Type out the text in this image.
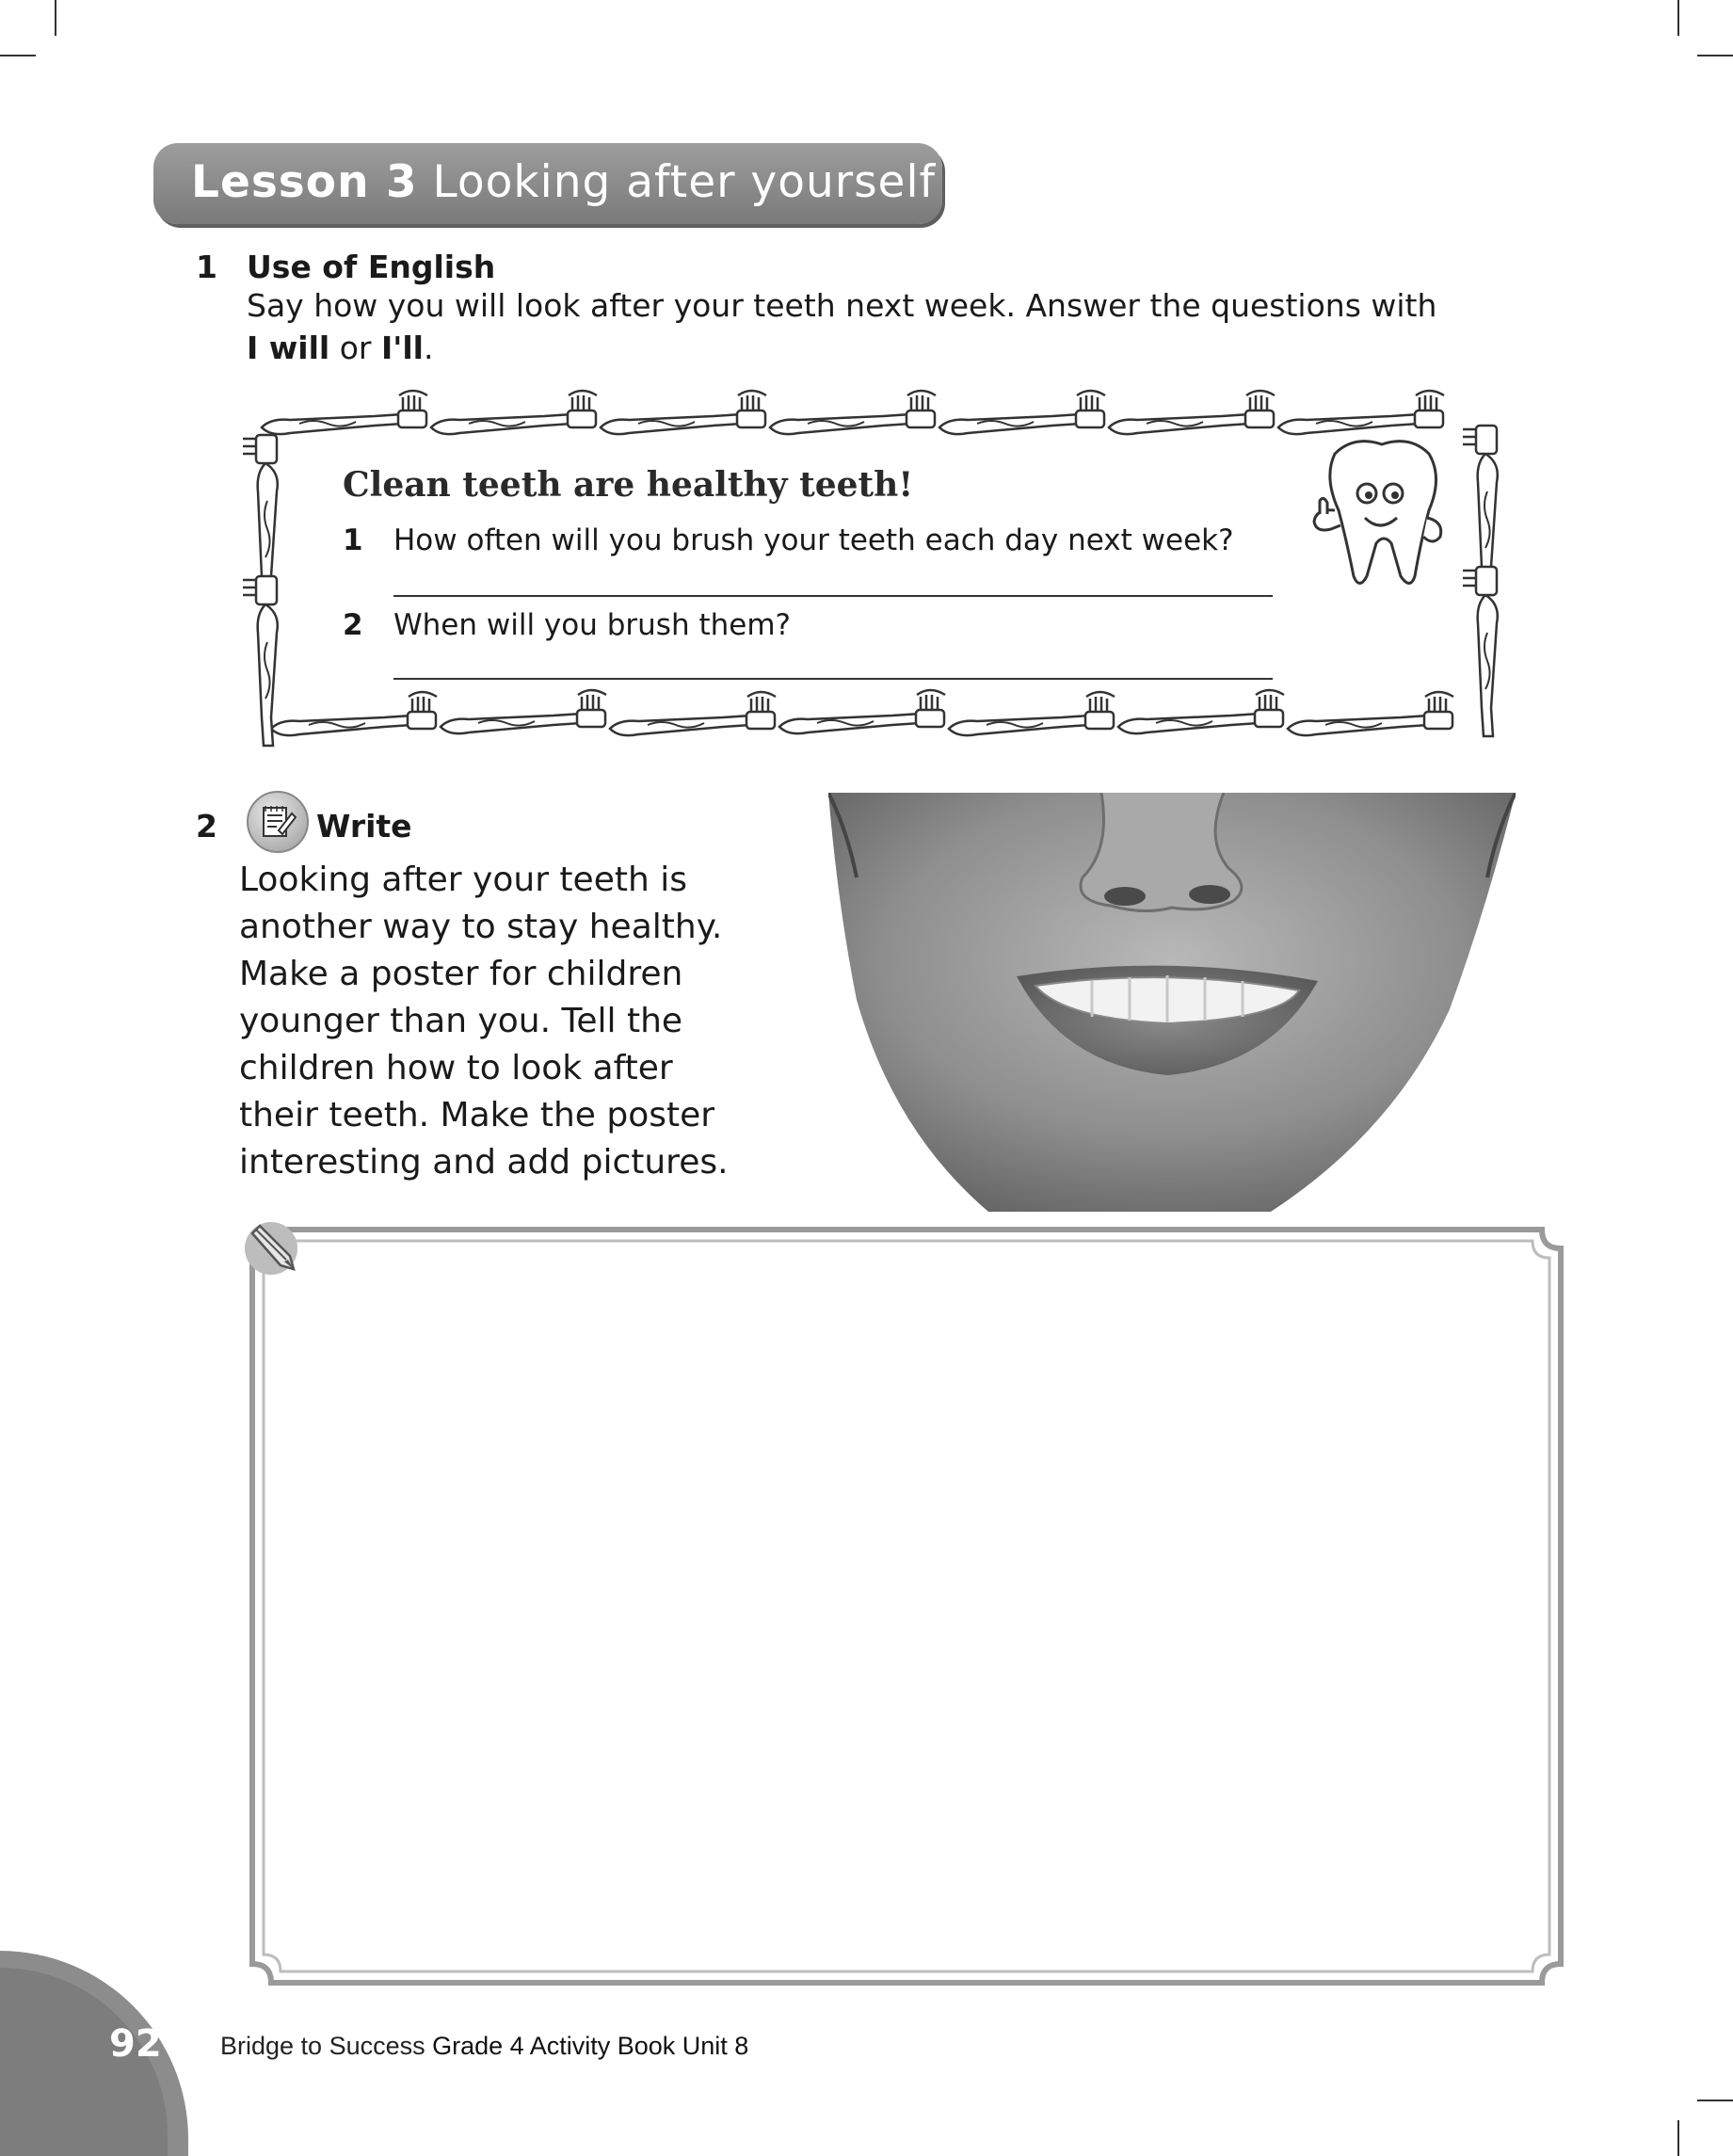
Lesson 3 Looking after yourself
1 Use of English
Say how you will look after your teeth next week. Answer the questions with
I will or I'll.
Clean teeth are healthy teeth!
1 How often will you brush your teeth each day next week?
2 When will you brush them?
2	Write
Looking after your teeth is
another way to stay healthy.
Make a poster for children
younger than you. Tell the
children how to look after
their teeth. Make the poster
interesting and add pictures.
92 Bridge to Success Grade 4 Activity Book Unit 8
